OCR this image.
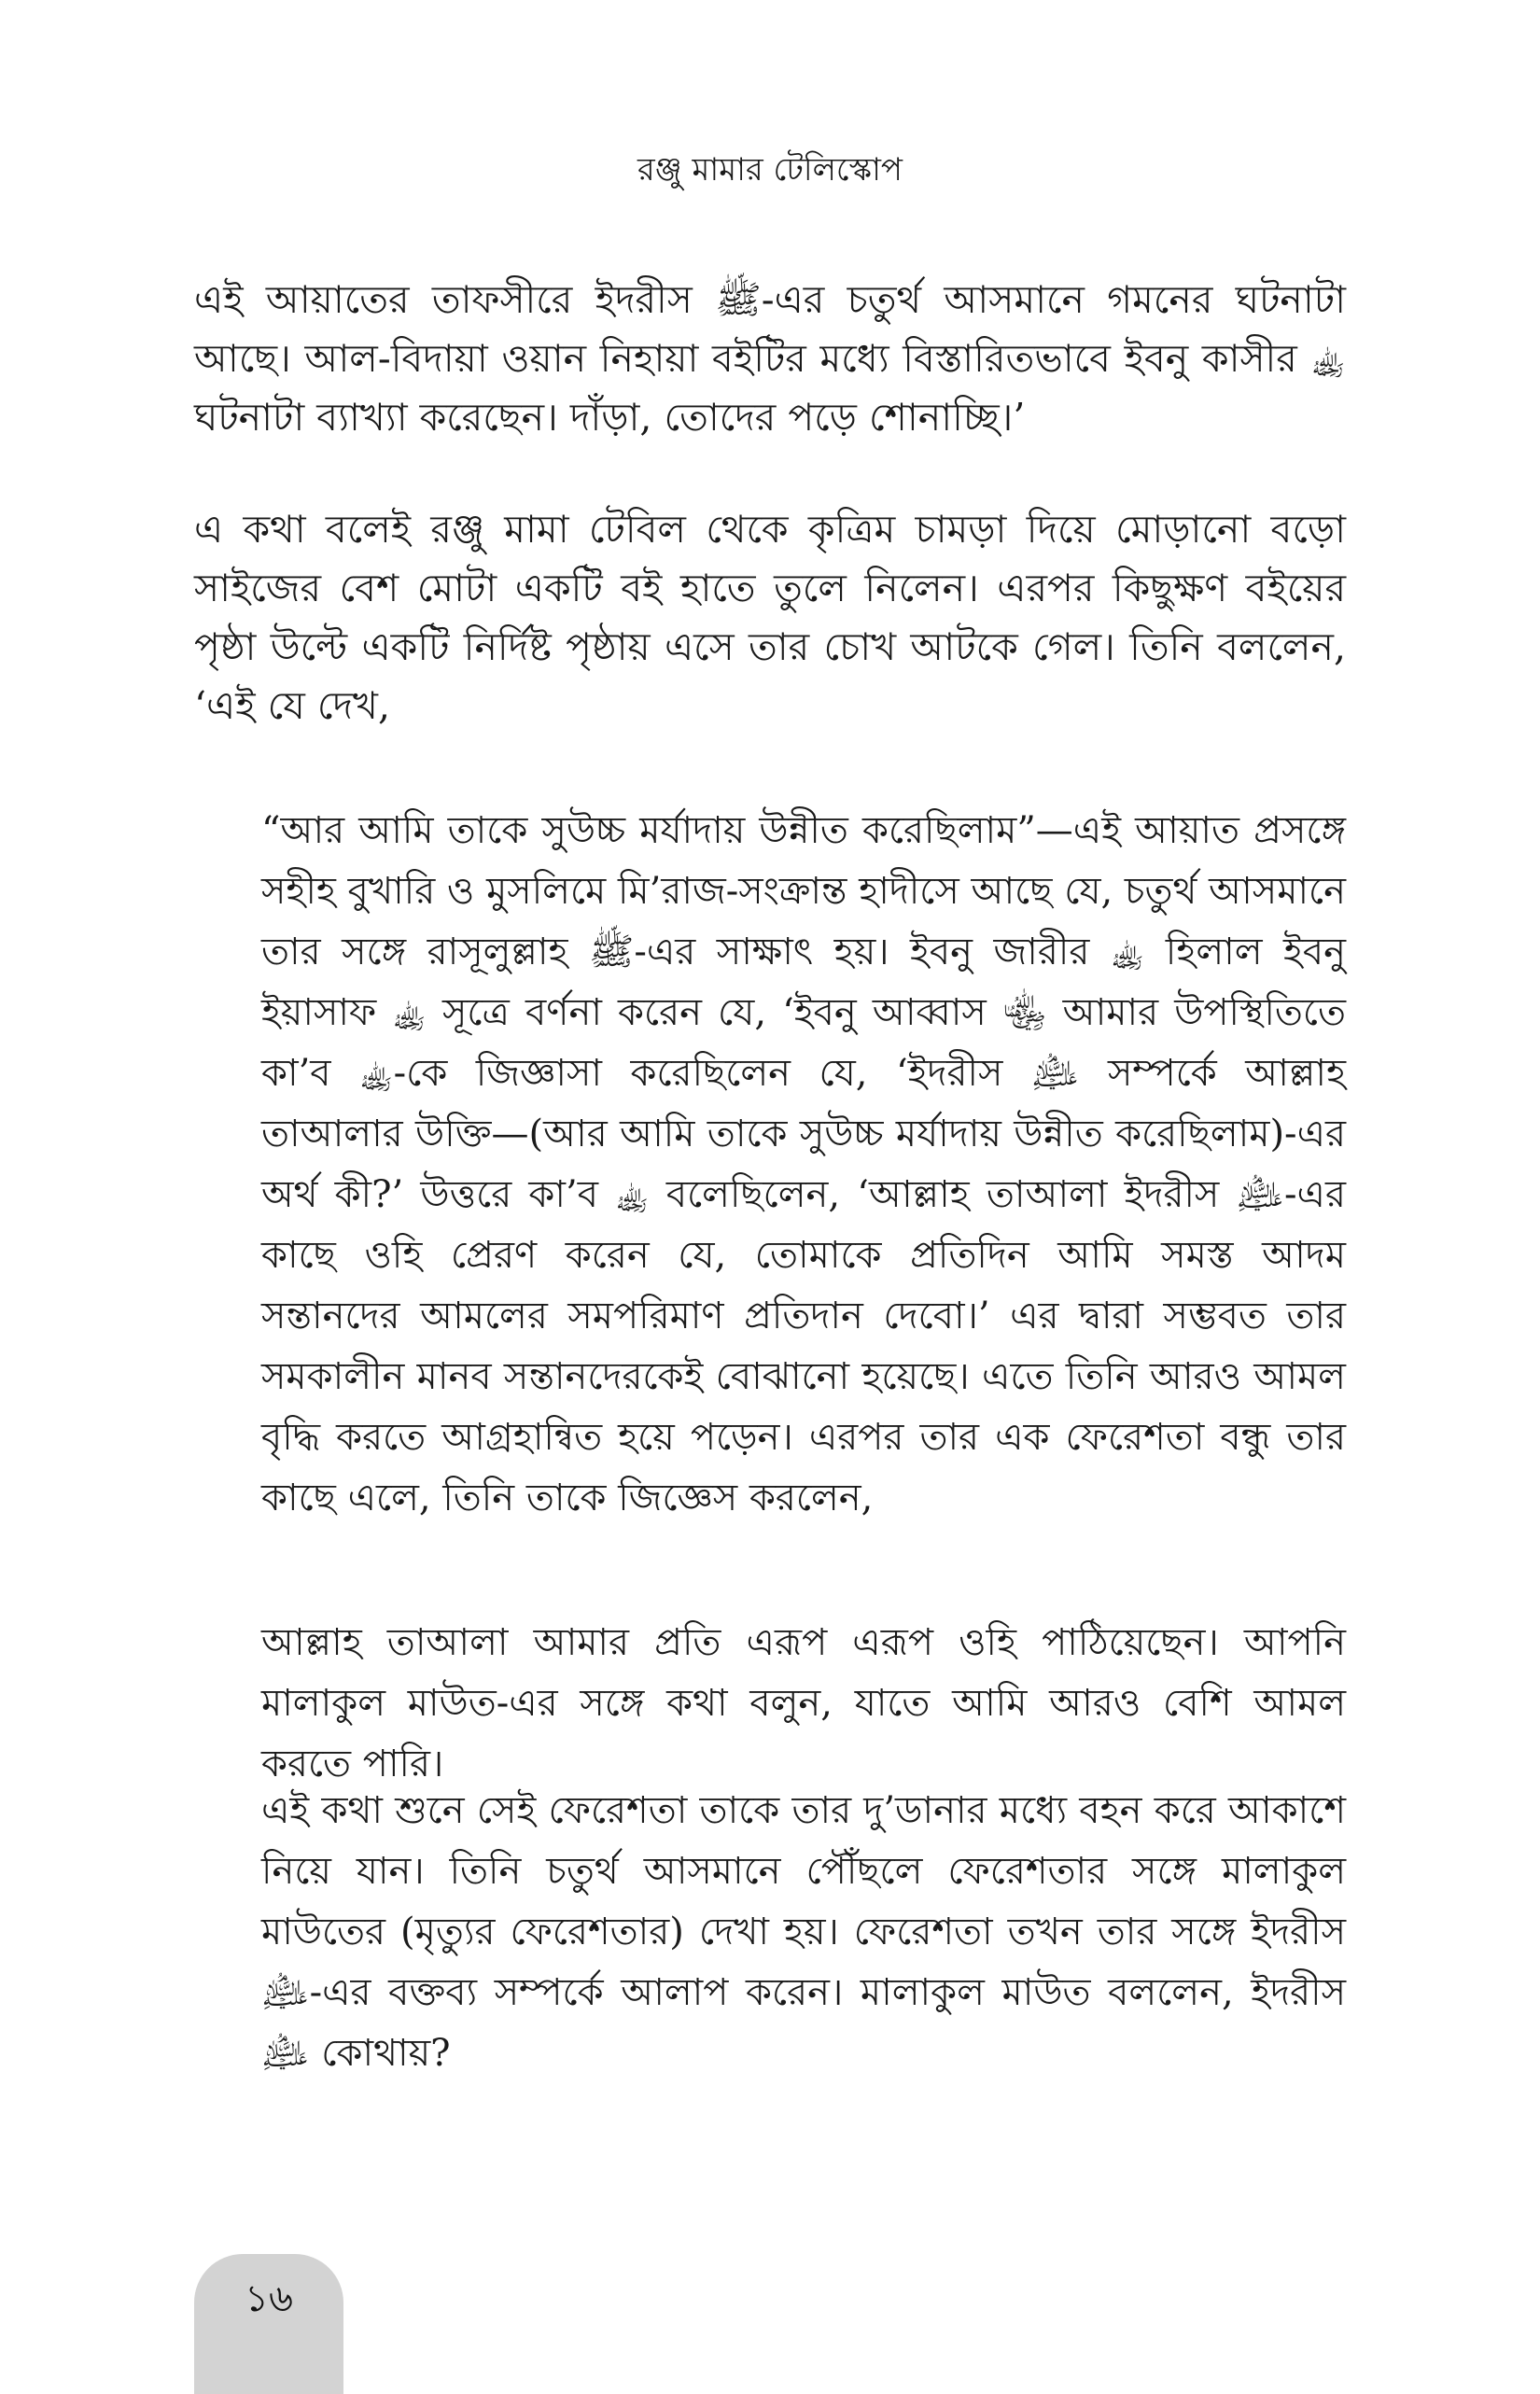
রঞ্জু মামার টেলিস্কোপ

এই আয়াতের তাফসীরে ইদরীস ﷺ-এর চতুর্থ আসমানে গমনের ঘটনাটা আছে। আল-বিদায়া ওয়ান নিহায়া বইটির মধ্যে বিস্তারিতভাবে ইবনু কাসীর ﵀ ঘটনাটা ব্যাখ্যা করেছেন। দাঁড়া, তোদের পড়ে শোনাচ্ছি।’

এ কথা বলেই রঞ্জু মামা টেবিল থেকে কৃত্রিম চামড়া দিয়ে মোড়ানো বড়ো সাইজের বেশ মোটা একটি বই হাতে তুলে নিলেন। এরপর কিছুক্ষণ বইয়ের পৃষ্ঠা উল্টে একটি নির্দিষ্ট পৃষ্ঠায় এসে তার চোখ আটকে গেল। তিনি বললেন, ‘এই যে দেখ,

“আর আমি তাকে সুউচ্চ মর্যাদায় উন্নীত করেছিলাম”—এই আয়াত প্রসঙ্গে সহীহ বুখারি ও মুসলিমে মি’রাজ-সংক্রান্ত হাদীসে আছে যে, চতুর্থ আসমানে তার সঙ্গে রাসূলুল্লাহ ﷺ-এর সাক্ষাৎ হয়। ইবনু জারীর ﵀ হিলাল ইবনু ইয়াসাফ ﵀ সূত্রে বর্ণনা করেন যে, ‘ইবনু আব্বাস ﵄ আমার উপস্থিতিতে কা’ব ﵀-কে জিজ্ঞাসা করেছিলেন যে, ‘ইদরীস ﵇ সম্পর্কে আল্লাহ তাআলার উক্তি—(আর আমি তাকে সুউচ্চ মর্যাদায় উন্নীত করেছিলাম)-এর অর্থ কী?’ উত্তরে কা’ব ﵀ বলেছিলেন, ‘আল্লাহ তাআলা ইদরীস ﵇-এর কাছে ওহি প্রেরণ করেন যে, তোমাকে প্রতিদিন আমি সমস্ত আদম সন্তানদের আমলের সমপরিমাণ প্রতিদান দেবো।’ এর দ্বারা সম্ভবত তার সমকালীন মানব সন্তানদেরকেই বোঝানো হয়েছে। এতে তিনি আরও আমল বৃদ্ধি করতে আগ্রহান্বিত হয়ে পড়েন। এরপর তার এক ফেরেশতা বন্ধু তার কাছে এলে, তিনি তাকে জিজ্ঞেস করলেন,

আল্লাহ তাআলা আমার প্রতি এরূপ এরূপ ওহি পাঠিয়েছেন। আপনি মালাকুল মাউত-এর সঙ্গে কথা বলুন, যাতে আমি আরও বেশি আমল করতে পারি।

এই কথা শুনে সেই ফেরেশতা তাকে তার দু’ডানার মধ্যে বহন করে আকাশে নিয়ে যান। তিনি চতুর্থ আসমানে পৌঁছলে ফেরেশতার সঙ্গে মালাকুল মাউতের (মৃত্যুর ফেরেশতার) দেখা হয়। ফেরেশতা তখন তার সঙ্গে ইদরীস ﵇-এর বক্তব্য সম্পর্কে আলাপ করেন। মালাকুল মাউত বললেন, ইদরীস ﵇ কোথায়?

১৬
